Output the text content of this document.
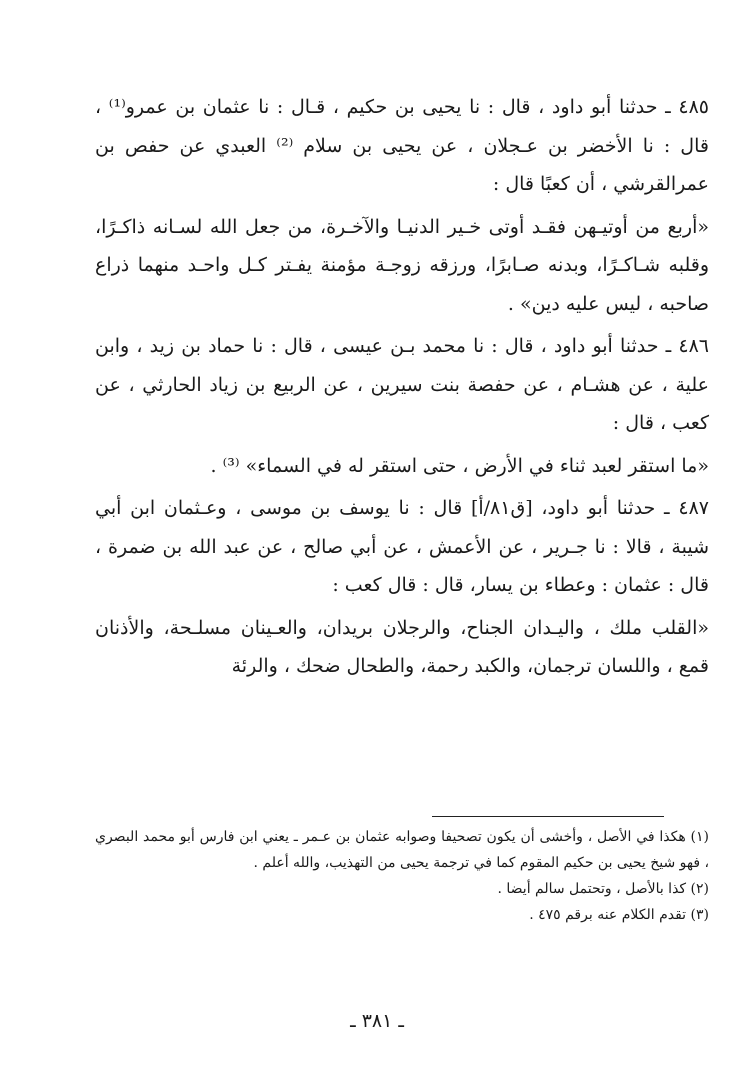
٤٨٥ ـ حدثنا أبو داود ، قال : نا يحيى بن حكيم ، قـال : نا عثمان بن عمرو⁽¹⁾ ، قال : نا الأخضر بن عـجلان ، عن يحيى بن سلام ⁽²⁾ العبدي عن حفص بن عمرالقرشي ، أن كعبًا قال :

«أربع من أوتيـهن فقـد أوتى خـير الدنيـا والآخـرة، من جعل الله لسـانه ذاكـرًا، وقلبه شـاكـرًا، وبدنه صـابرًا، ورزقه زوجـة مؤمنة يفـتر كـل واحـد منهما ذراع صاحبه ، ليس عليه دين» .

٤٨٦ ـ حدثنا أبو داود ، قال : نا محمد بـن عيسى ، قال : نا حماد بن زيد ، وابن علية ، عن هشـام ، عن حفصة بنت سيرين ، عن الربيع بن زياد الحارثي ، عن كعب ، قال :

«ما استقر لعبد ثناء في الأرض ، حتى استقر له في السماء» ⁽³⁾ .

٤٨٧ ـ حدثنا أبو داود، [ق٨١/أ] قال : نا يوسف بن موسى ، وعـثمان ابن أبي شيبة ، قالا : نا جـرير ، عن الأعمش ، عن أبي صالح ، عن عبد الله بن ضمرة ، قال : عثمان : وعطاء بن يسار، قال : قال كعب :

«القلب ملك ، واليـدان الجناح، والرجلان بريدان، والعـينان مسلـحة، والأذنان قمع ، واللسان ترجمان، والكبد رحمة، والطحال ضحك ، والرئة

(١) هكذا في الأصل ، وأخشى أن يكون تصحيفا وصوابه عثمان بن عـمر ـ يعني ابن فارس أبو محمد البصري ، فهو شيخ يحيى بن حكيم المقوم كما في ترجمة يحيى من التهذيب، والله أعلم .

(٢) كذا بالأصل ، وتحتمل سالم أيضا .

(٣) تقدم الكلام عنه برقم ٤٧٥ .

ـ ٣٨١ ـ
